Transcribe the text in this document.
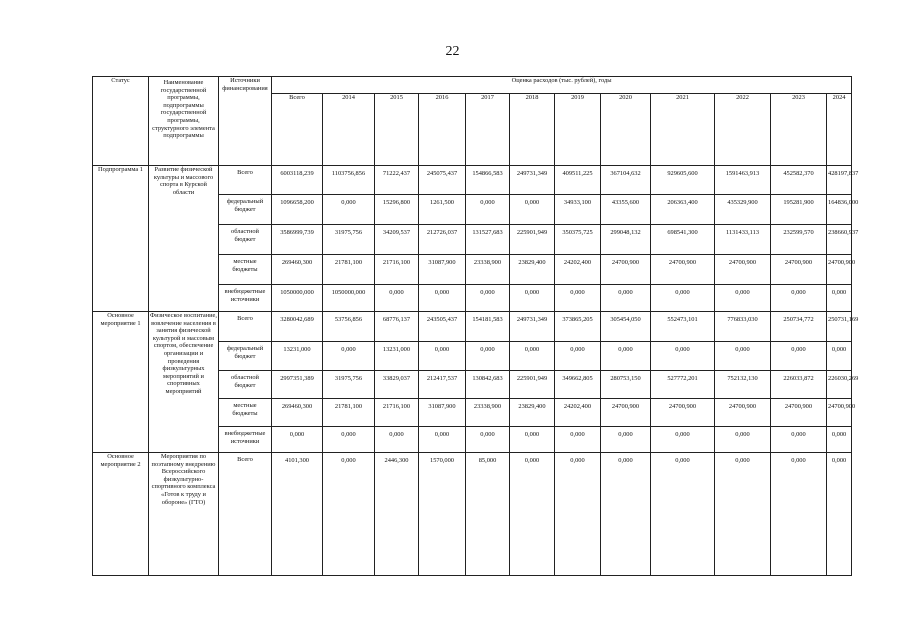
22
Статус	Наименование государственной программы, подпрограммы государственной программы, структурного элемента подпрограммы	Источники финансирования	Оценка расходов (тыс. рублей), годы												
			Всего	2014	2015	2016	2017	2018	2019	2020	2021	2022	2023	2024	
Подпрограмма 1	Развитие физической культуры и массового спорта в Курской области	Всего	6003118,239	1103756,856	71222,437	245075,437	154866,583	249731,349	409511,225	367104,632	929605,600	1591463,913	452582,370	428197,837	
		федеральный бюджет	1096658,200	0,000	15296,800	1261,500	0,000	0,000	34933,100	43355,600	206363,400	435329,900	195281,900	164836,000	
		областной бюджет	3586999,739	31975,756	34209,537	212726,037	131527,683	225901,949	350375,725	299048,132	698541,300	1131433,113	232599,570	238660,937	
		местные бюджеты	269460,300	21781,100	21716,100	31087,900	23338,900	23829,400	24202,400	24700,900	24700,900	24700,900	24700,900	24700,900	
		внебюджетные источники	1050000,000	1050000,000	0,000	0,000	0,000	0,000	0,000	0,000	0,000	0,000	0,000	0,000	
Основное мероприятие 1	Физическое воспитание, вовлечение населения в занятия физической культурой и массовым спортом, обеспечение организации и проведения физкультурных мероприятий и спортивных мероприятий	Всего	3280042,689	53756,856	68776,137	243505,437	154181,583	249731,349	373865,205	305454,050	552473,101	776833,030	250734,772	250731,169	
		федеральный бюджет	13231,000	0,000	13231,000	0,000	0,000	0,000	0,000	0,000	0,000	0,000	0,000	0,000	
		областной бюджет	2997351,389	31975,756	33829,037	212417,537	130842,683	225901,949	349662,805	280753,150	527772,201	752132,130	226033,872	226030,269	
		местные бюджеты	269460,300	21781,100	21716,100	31087,900	23338,900	23829,400	24202,400	24700,900	24700,900	24700,900	24700,900	24700,900	
		внебюджетные источники	0,000	0,000	0,000	0,000	0,000	0,000	0,000	0,000	0,000	0,000	0,000	0,000	
Основное мероприятие 2	Мероприятия по поэтапному внедрению Всероссийского физкультурно-спортивного комплекса «Готов к труду и обороне» (ГТО)	Всего	4101,300	0,000	2446,300	1570,000	85,000	0,000	0,000	0,000	0,000	0,000	0,000	0,000	
